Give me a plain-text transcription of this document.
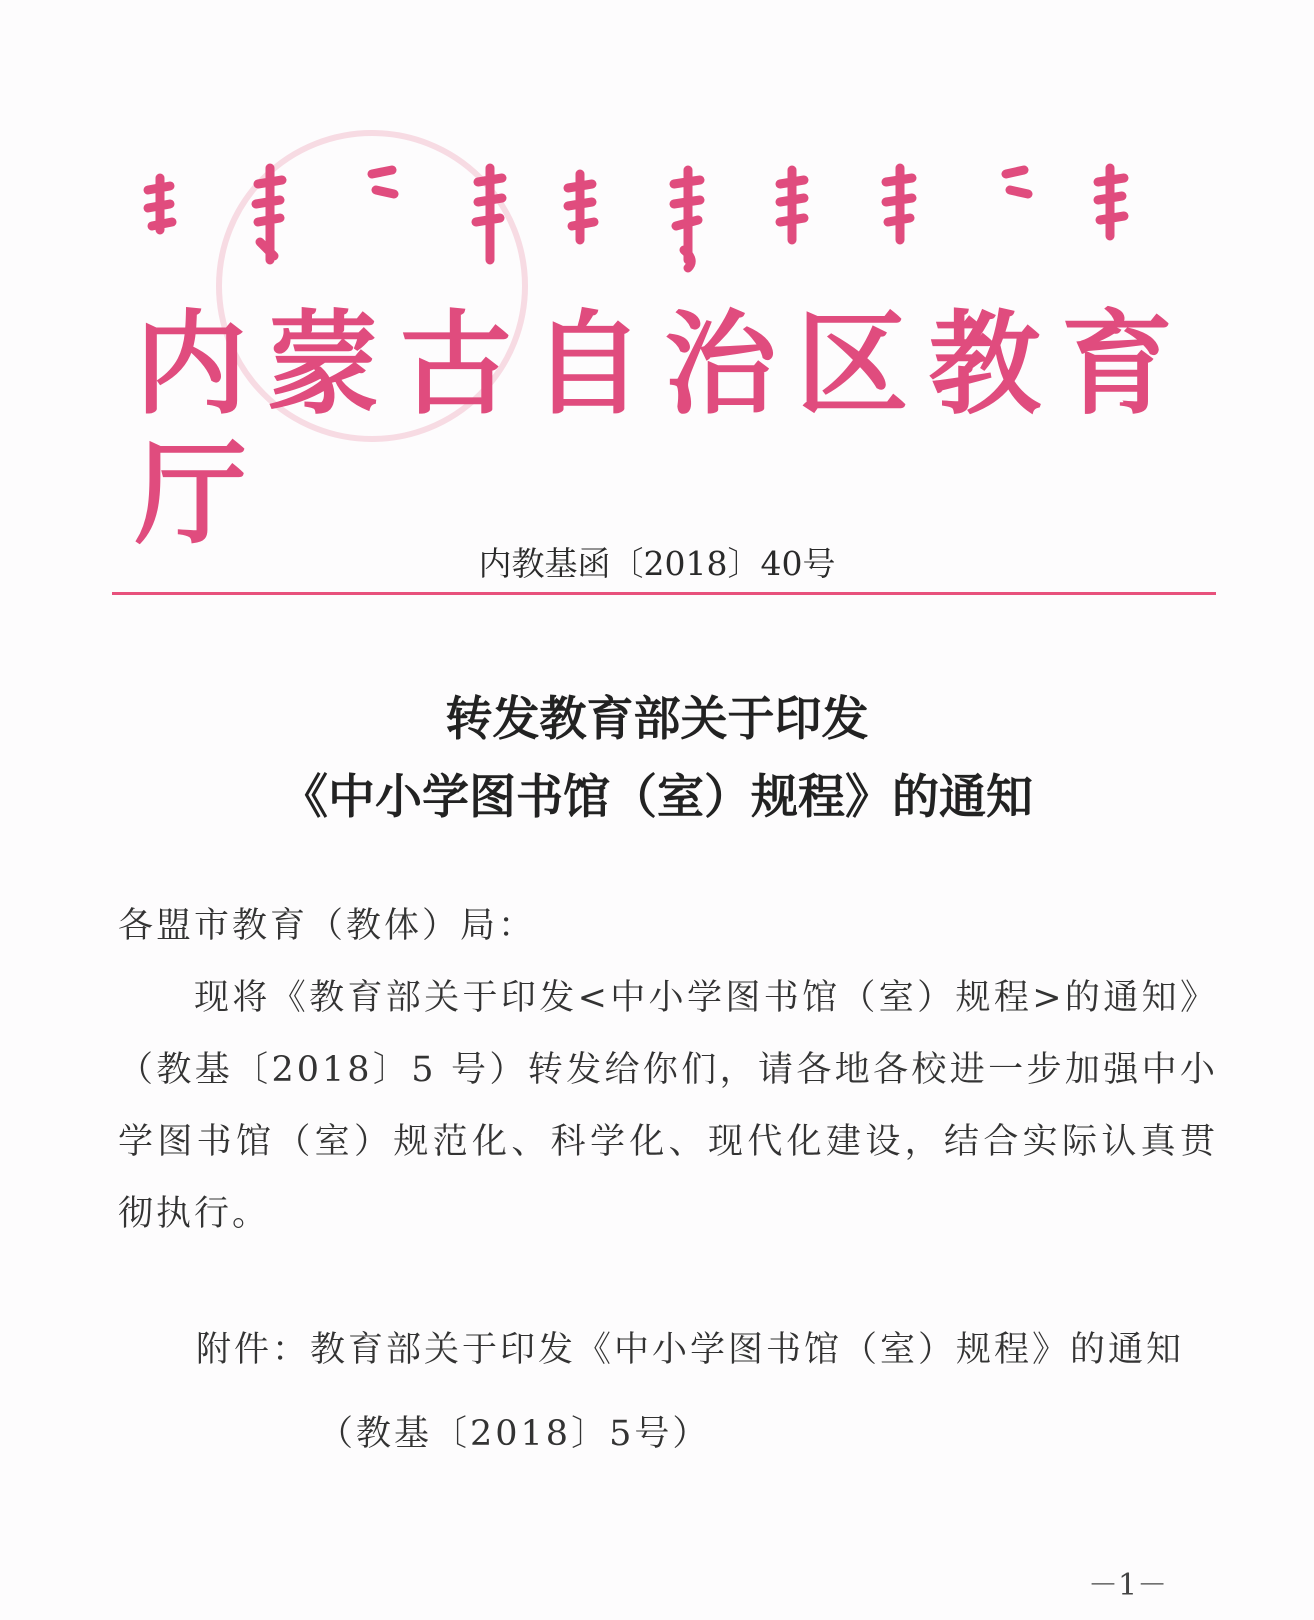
内蒙古自治区教育厅
内教基函〔2018〕40号
转发教育部关于印发
《中小学图书馆（室）规程》的通知
各盟市教育（教体）局：
现将《教育部关于印发<中小学图书馆（室）规程>的通知》（教基〔2018〕5 号）转发给你们，请各地各校进一步加强中小学图书馆（室）规范化、科学化、现代化建设，结合实际认真贯彻执行。
附件：教育部关于印发《中小学图书馆（室）规程》的通知
（教基〔2018〕5号）
－1－
